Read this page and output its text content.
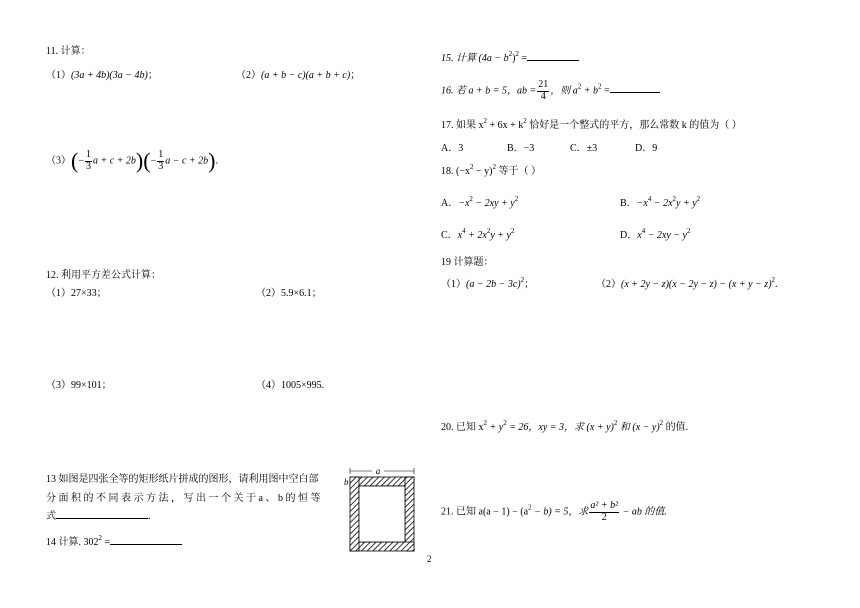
11. 计算：
（1）(3a + 4b)(3a − 4b)；	（2）(a + b − c)(a + b + c)；
$(3)(- \frac{1}{3}$ $a + c + 2b)(- \frac{1}{3}$ a − c + 2b).
12. 利用平方差公式计算：
（1）27×33；	（2）5.9×6.1；
（3）99×101；	（4）1005×995.
13 如图是四张全等的矩形纸片拼成的图形，请利用图中空白部
分 面 积 的 不 同 表 示 方 法 ， 写 出 一 个 关 于 a 、 b 的 恒 等
式	.
14 计算. $302^2$ =
a
b
2
15. 计算 $(4a - b^2)^2$ =
16. 若 a + b = 5，ab = $\frac{21}{4}$ ，则 $a^2 + b^2$ =
17. 如果 $x^2 + 6x + k^2$ 恰好是一个整式的平方，那么常数 k 的值为（ ）
A．3	B．−3	C．±3	D．9
18. $(-x^2 - y)^2$ 等于（ ）
A．$-x^2 - 2xy + y^2$	B．$-x^4 - 2x^2y + y^2$
C．$x^4 + 2x^2y + y^2$	D．$x^4 - 2xy - y^2$
19 计算题：
$(1)(a - 2b - 3c)^2$；	$(2)(x + 2y - z)(x - 2y - z) - (x + y - z)^2$.
20. 已知 $x^2 + y^2 = 26$，xy = 3，求 $(x + y)^2$ 和 $(x - y)^2$ 的值.
21. 已知 $a(a - 1) - (a^2 - b) = 5$，求 $\frac{\text{a² + b²}}{2}$ − ab 的值.
